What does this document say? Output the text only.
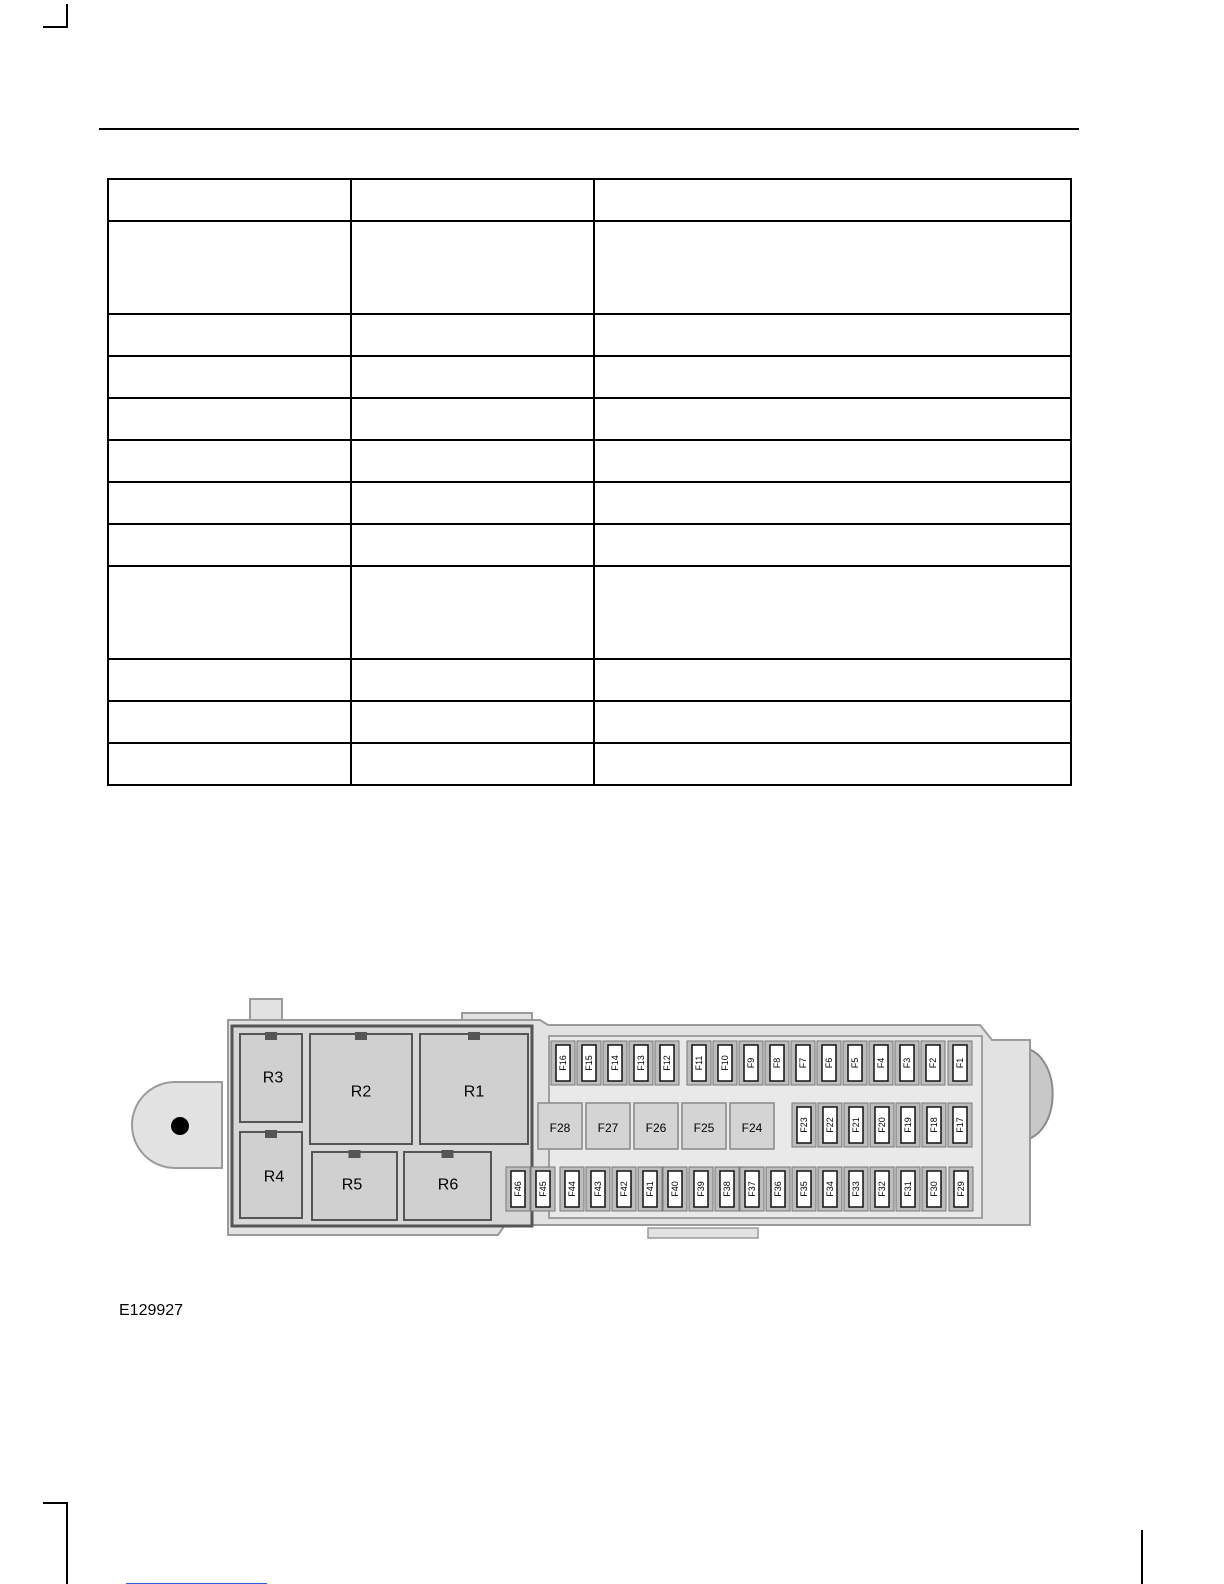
R1
R2
R3
R4	R5	R6
F16 F15 F14 F13 F12 F11 F10 F9 F8 F7 F6 F5 F4 F3 F2 F1
F23 F22 F21 F20 F19 F18 F17
F28 F27 F26 F25 F24
F46 F45 F44 F43 F42 F41 F40 F39 F38 F37 F36 F35 F34 F33 F32 F31 F30 F29
E129927
